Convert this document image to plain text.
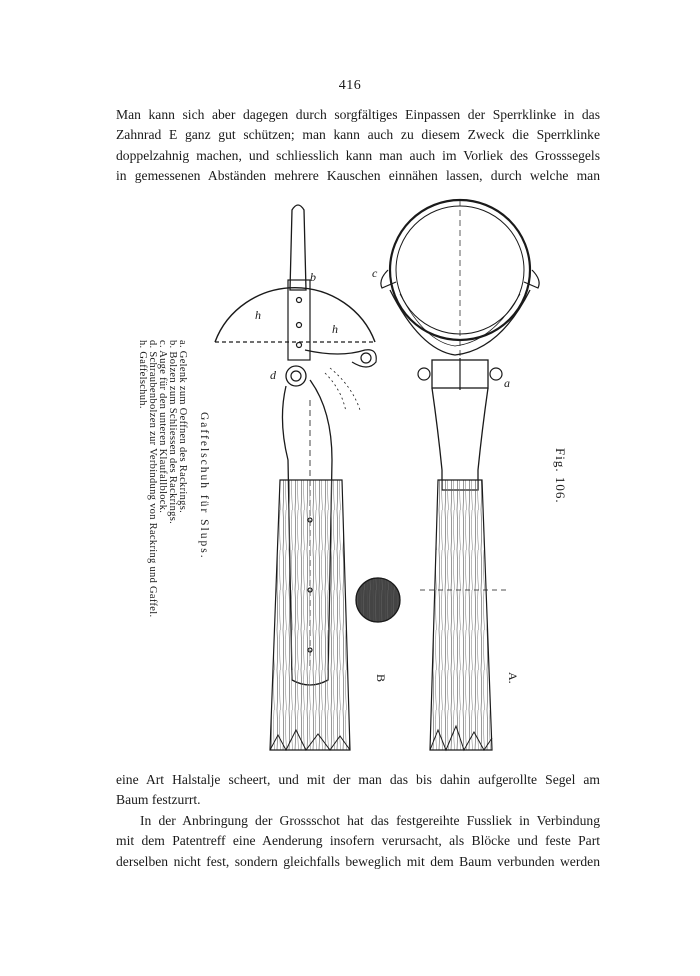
416

Man kann sich aber dagegen durch sorgfältiges Einpassen der Sperrklinke in das
Zahnrad E ganz gut schützen; man kann auch zu diesem Zweck die Sperrklinke
doppelzahnig machen, und schliesslich kann man auch im Vorliek des Grosssegels
in gemessenen Abständen mehrere Kauschen einnähen lassen, durch welche man

h
h
b
d
c
a
Gaffelschuh für Slups.
a. Gelenk zum Oeffnen des Rackrings.
b. Bolzen zum Schliessen des Rackrings.
c. Auge für den unteren Klaufallblock.
d. Schraubenbolzen zur Verbindung von Rackring und Gaffel.
h. Gaffelschuh.
Fig. 106.
B	A.

eine Art Halstalje scheert, und mit der man das bis dahin aufgerollte Segel am
Baum festzurrt.

In der Anbringung der Grossschot hat das festgereihte Fussliek in Verbindung
mit dem Patentreff eine Aenderung insofern verursacht, als Blöcke und feste Part
derselben nicht fest, sondern gleichfalls beweglich mit dem Baum verbunden werden
